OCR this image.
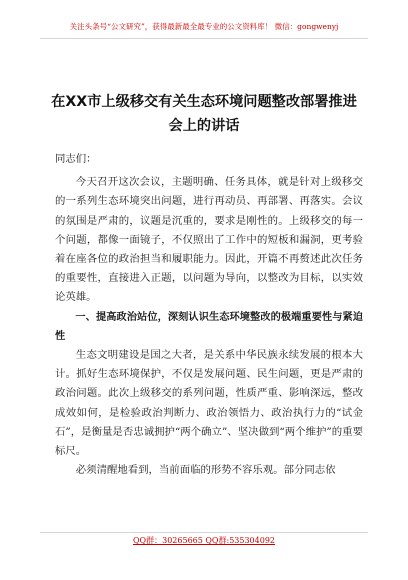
关注头条号“公文研究”，获得最新最全最专业的公文资料库！ 微信：gongwenyj
在XX市上级移交有关生态环境问题整改部署推进
会上的讲话

同志们：

今天召开这次会议，主题明确、任务具体，就是针对上级移交的一系列生态环境突出问题，进行再动员、再部署、再落实。会议的氛围是严肃的，议题是沉重的，要求是刚性的。上级移交的每一个问题，都像一面镜子，不仅照出了工作中的短板和漏洞，更考验着在座各位的政治担当和履职能力。因此，开篇不再赘述此次任务的重要性，直接进入正题，以问题为导向，以整改为目标，以实效论英雄。

一、提高政治站位，深刻认识生态环境整改的极端重要性与紧迫性

生态文明建设是国之大者，是关系中华民族永续发展的根本大计。抓好生态环境保护，不仅是发展问题、民生问题，更是严肃的政治问题。此次上级移交的系列问题，性质严重、影响深远，整改成效如何，是检验政治判断力、政治领悟力、政治执行力的“试金石”，是衡量是否忠诚拥护“两个确立”、坚决做到“两个维护”的重要标尺。

必须清醒地看到，当前面临的形势不容乐观。部分同志依

QQ群：30265665 QQ群:535304092
